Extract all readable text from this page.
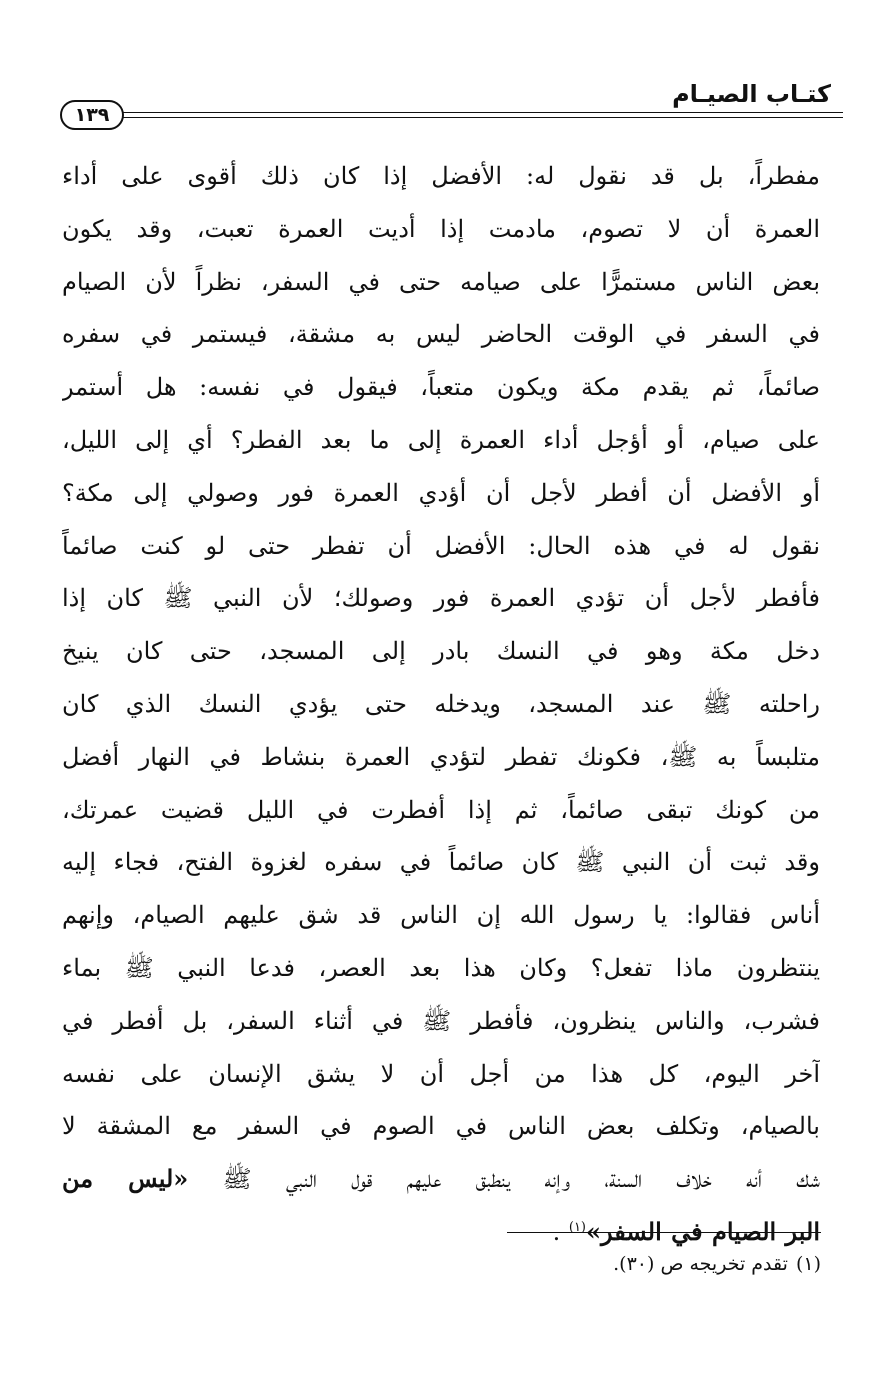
كتـاب الصيـام
١٣٩
مفطراً، بل قد نقول له: الأفضل إذا كان ذلك أقوى على أداء
العمرة أن لا تصوم، مادمت إذا أديت العمرة تعبت، وقد يكون
بعض الناس مستمرًّا على صيامه حتى في السفر، نظراً لأن الصيام
في السفر في الوقت الحاضر ليس به مشقة، فيستمر في سفره
صائماً، ثم يقدم مكة ويكون متعباً، فيقول في نفسه: هل أستمر
على صيام، أو أؤجل أداء العمرة إلى ما بعد الفطر؟ أي إلى الليل،
أو الأفضل أن أفطر لأجل أن أؤدي العمرة فور وصولي إلى مكة؟
نقول له في هذه الحال: الأفضل أن تفطر حتى لو كنت صائماً
فأفطر لأجل أن تؤدي العمرة فور وصولك؛ لأن النبي ﷺ كان إذا
دخل مكة وهو في النسك بادر إلى المسجد، حتى كان ينيخ
راحلته ﷺ عند المسجد، ويدخله حتى يؤدي النسك الذي كان
متلبساً به ﷺ، فكونك تفطر لتؤدي العمرة بنشاط في النهار أفضل
من كونك تبقى صائماً، ثم إذا أفطرت في الليل قضيت عمرتك،
وقد ثبت أن النبي ﷺ كان صائماً في سفره لغزوة الفتح، فجاء إليه
أناس فقالوا: يا رسول الله إن الناس قد شق عليهم الصيام، وإنهم
ينتظرون ماذا تفعل؟ وكان هذا بعد العصر، فدعا النبي ﷺ بماء
فشرب، والناس ينظرون، فأفطر ﷺ في أثناء السفر، بل أفطر في
آخر اليوم، كل هذا من أجل أن لا يشق الإنسان على نفسه
بالصيام، وتكلف بعض الناس في الصوم في السفر مع المشقة لا
شك أنه خلاف السنة، وإنه ينطبق عليهم قول النبي ﷺ «ليس من
البر الصيام في السفر»$^{(١)}$ .

(١)تقدم تخريجه ص (٣٠).
